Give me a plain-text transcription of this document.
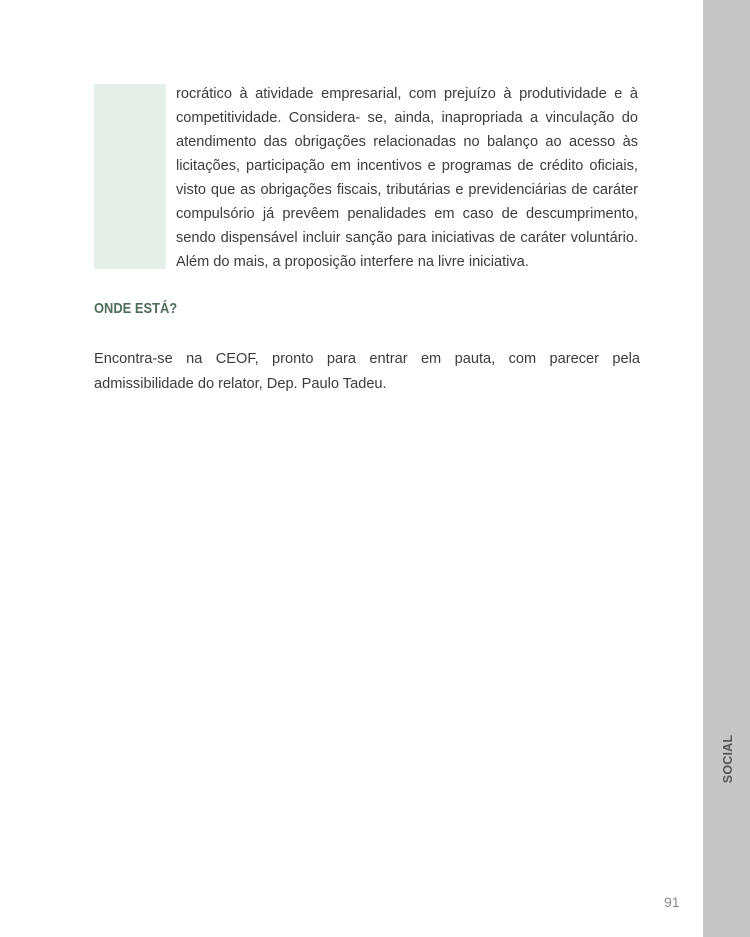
rocrático à atividade empresarial, com prejuízo à produtividade e à competitividade. Considera- se, ainda, inapropriada a vinculação do atendimento das obrigações relacionadas no balanço ao acesso às licitações, participação em incentivos e programas de crédito oficiais, visto que as obrigações fiscais, tributárias e previdenciárias de caráter compulsório já prevêem penalidades em caso de descumprimento, sendo dispensável incluir sanção para iniciativas de caráter voluntário. Além do mais, a proposição interfere na livre iniciativa.

ONDE ESTÁ?

Encontra-se na CEOF, pronto para entrar em pauta, com parecer pela admissibilidade do relator, Dep. Paulo Tadeu.

SOCIAL
91
